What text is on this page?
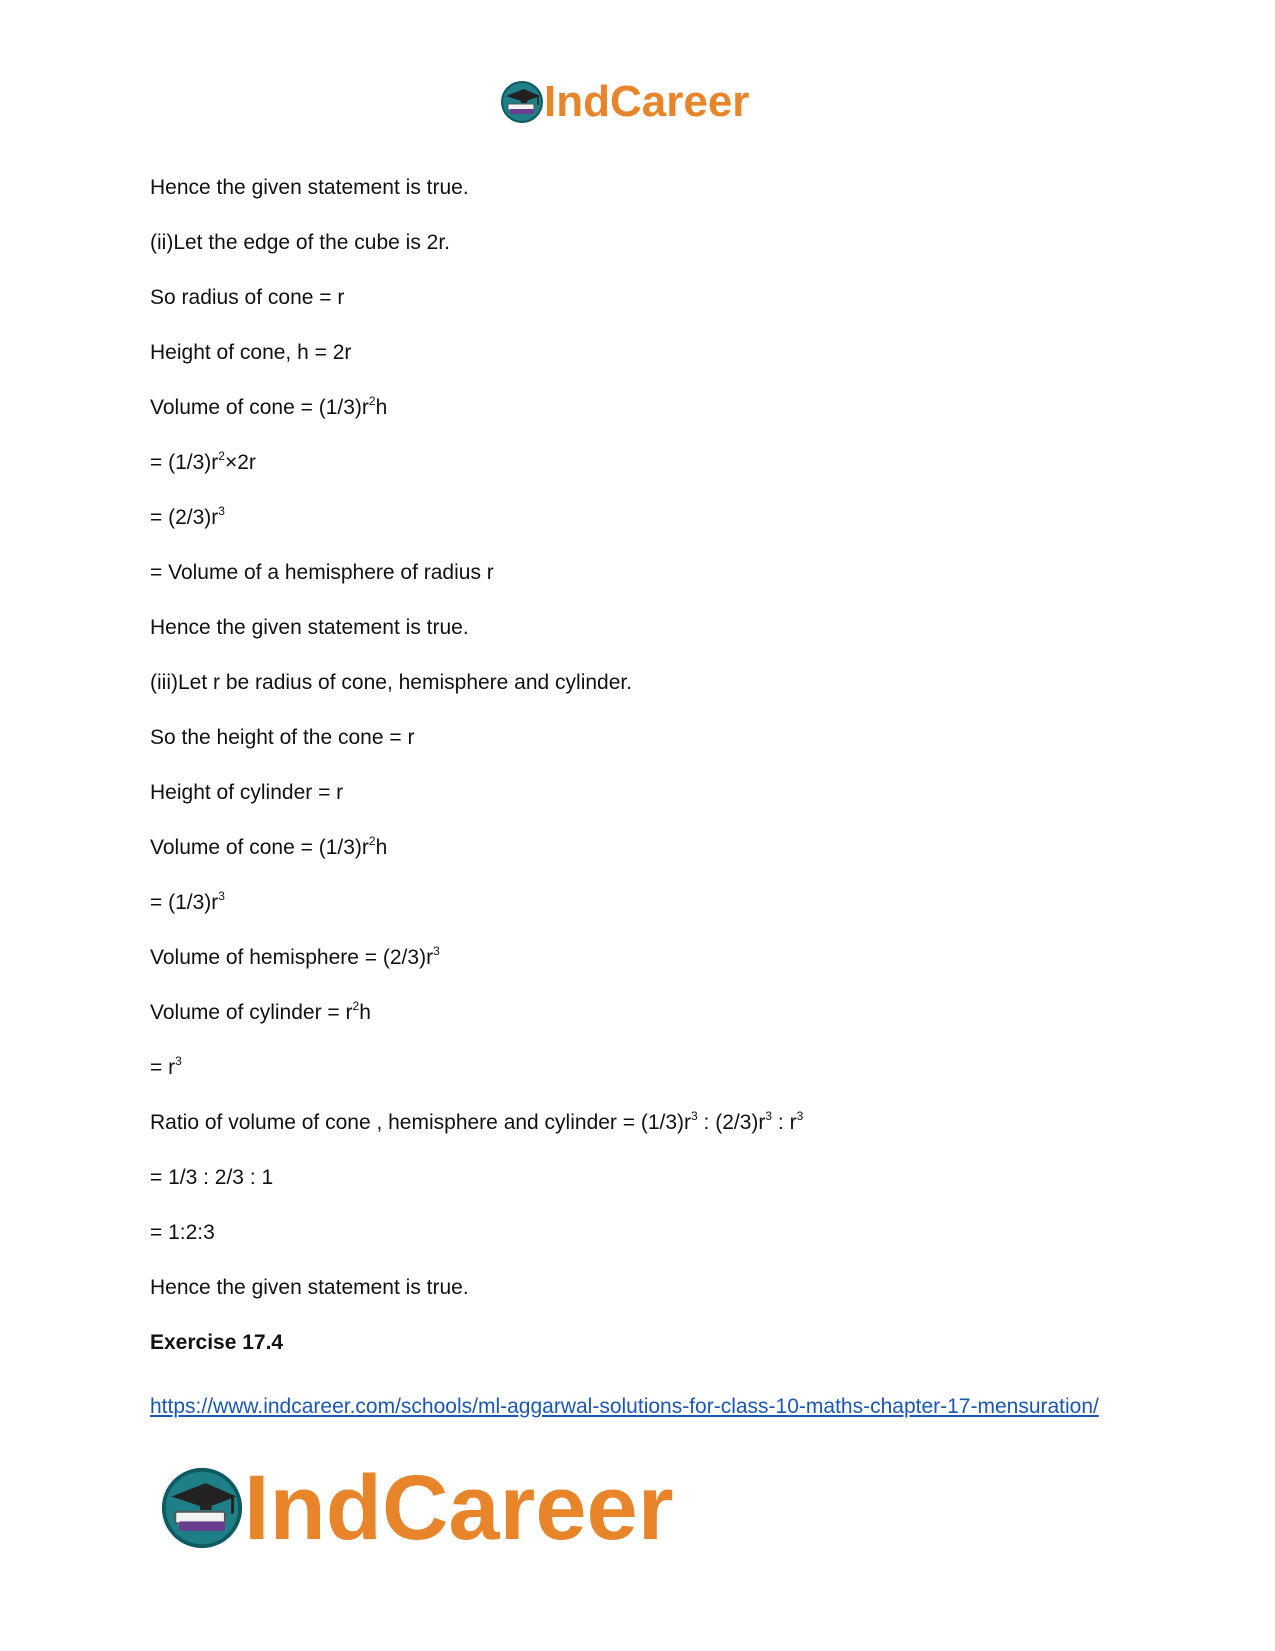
IndCareer
Hence the given statement is true.
(ii)Let the edge of the cube is 2r.
So radius of cone = r
Height of cone, h = 2r
Volume of cone = $(1/3)r^2h$
= $(1/3)r^2\times 2r$
= $(2/3)r^3$
= Volume of a hemisphere of radius r
Hence the given statement is true.
(iii)Let r be radius of cone, hemisphere and cylinder.
So the height of the cone = r
Height of cylinder = r
Volume of cone = $(1/3)r^2h$
= $(1/3)r^3$
Volume of hemisphere = $(2/3)r^3$
Volume of cylinder = $r^2h$
= $r^3$
Ratio of volume of cone , hemisphere and cylinder = $(1/3)r^3$ : $(2/3)r^3$ : $r^3$
= 1/3 : 2/3 : 1
= 1:2:3
Hence the given statement is true.
Exercise 17.4
https://www.indcareer.com/schools/ml-aggarwal-solutions-for-class-10-maths-chapter-17-mensuration/
IndCareer
